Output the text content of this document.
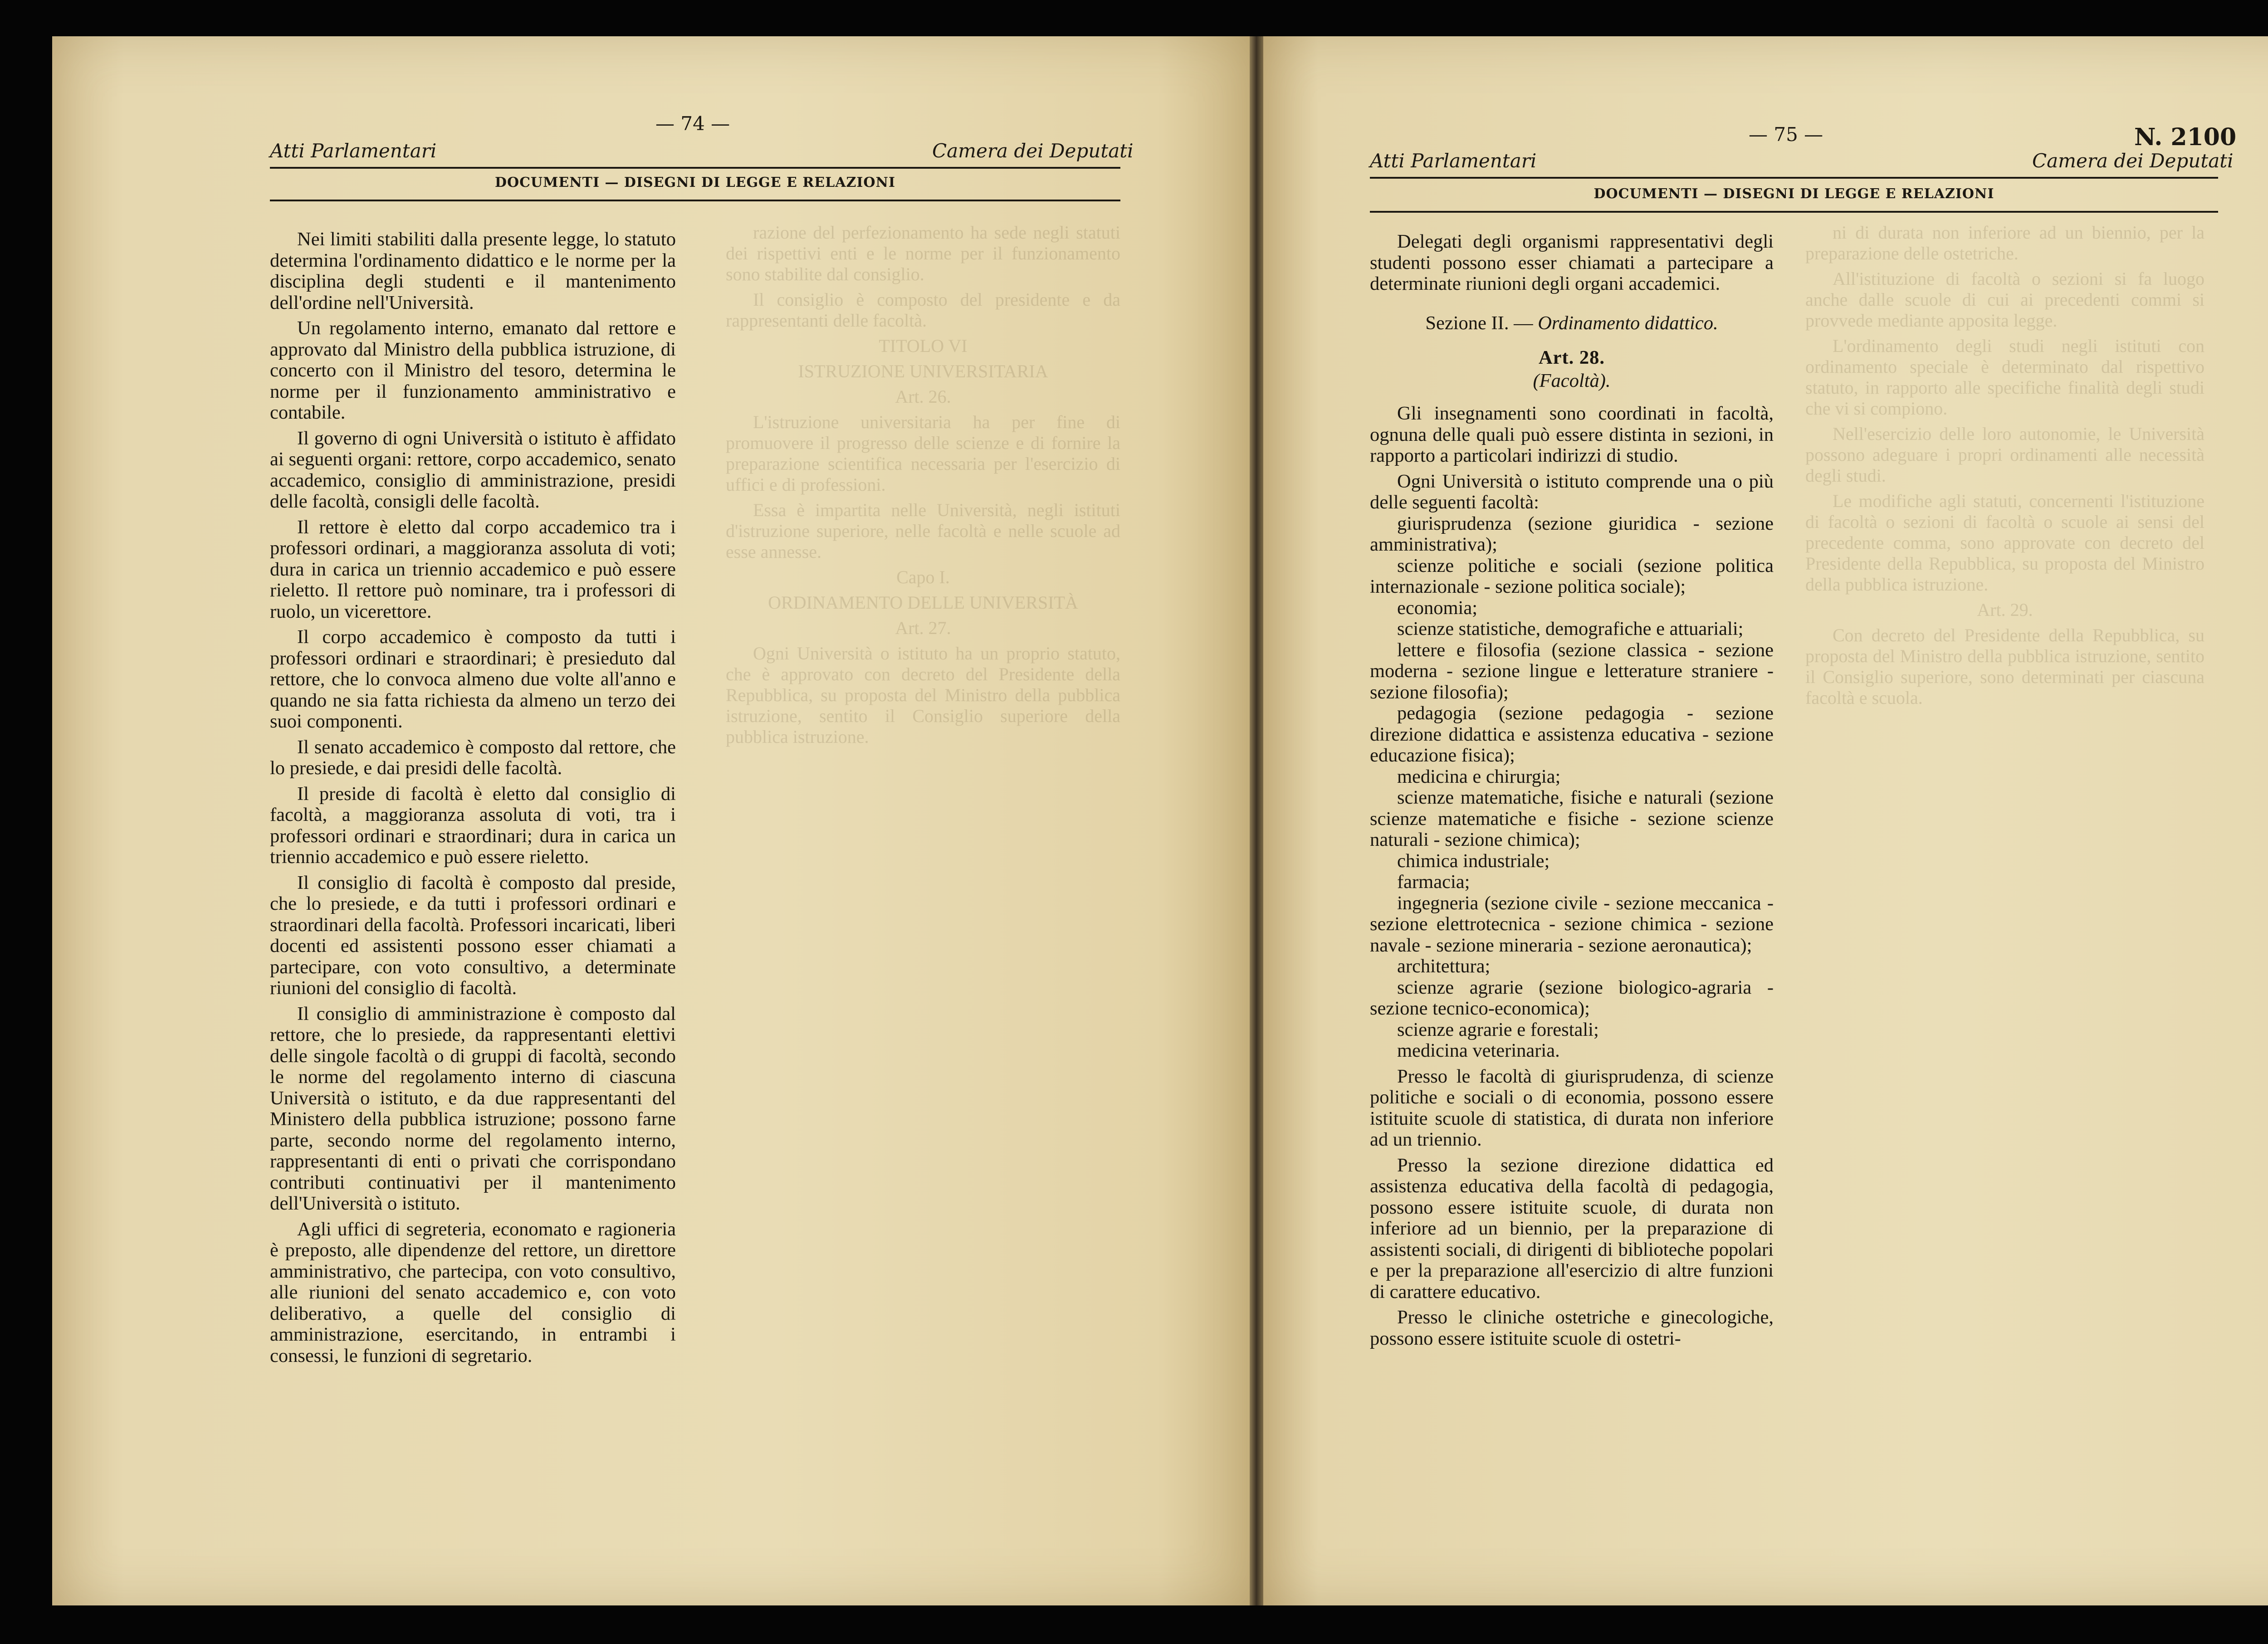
razione del perfezionamento ha sede negli statuti dei rispettivi enti e le norme per il funzionamento sono stabilite dal consiglio.

Il consiglio è composto del presidente e da rappresentanti delle facoltà.

TITOLO VI

ISTRUZIONE UNIVERSITARIA

Art. 26.

L'istruzione universitaria ha per fine di promuovere il progresso delle scienze e di fornire la preparazione scientifica necessaria per l'esercizio di uffici e di professioni.

Essa è impartita nelle Università, negli istituti d'istruzione superiore, nelle facoltà e nelle scuole ad esse annesse.

Capo I.

ORDINAMENTO DELLE UNIVERSITÀ

Art. 27.

Ogni Università o istituto ha un proprio statuto, che è approvato con decreto del Presidente della Repubblica, su proposta del Ministro della pubblica istruzione, sentito il Consiglio superiore della pubblica istruzione.

ni di durata non inferiore ad un biennio, per la preparazione delle ostetriche.

All'istituzione di facoltà o sezioni si fa luogo anche dalle scuole di cui ai precedenti commi si provvede mediante apposita legge.

L'ordinamento degli studi negli istituti con ordinamento speciale è determinato dal rispettivo statuto, in rapporto alle specifiche finalità degli studi che vi si compiono.

Nell'esercizio delle loro autonomie, le Università possono adeguare i propri ordinamenti alle necessità degli studi.

Le modifiche agli statuti, concernenti l'istituzione di facoltà o sezioni di facoltà o scuole ai sensi del precedente comma, sono approvate con decreto del Presidente della Repubblica, su proposta del Ministro della pubblica istruzione.

Art. 29.

Con decreto del Presidente della Repubblica, su proposta del Ministro della pubblica istruzione, sentito il Consiglio superiore, sono determinati per ciascuna facoltà e scuola.

— 74 —
Atti Parlamentari	Camera dei Deputati
DOCUMENTI — DISEGNI DI LEGGE E RELAZIONI

Nei limiti stabiliti dalla presente legge, lo statuto determina l'ordinamento didattico e le norme per la disciplina degli studenti e il mantenimento dell'ordine nell'Università.

Un regolamento interno, emanato dal rettore e approvato dal Ministro della pubblica istruzione, di concerto con il Ministro del tesoro, determina le norme per il funzionamento amministrativo e contabile.

Il governo di ogni Università o istituto è affidato ai seguenti organi: rettore, corpo accademico, senato accademico, consiglio di amministrazione, presidi delle facoltà, consigli delle facoltà.

Il rettore è eletto dal corpo accademico tra i professori ordinari, a maggioranza assoluta di voti; dura in carica un triennio accademico e può essere rieletto. Il rettore può nominare, tra i professori di ruolo, un vicerettore.

Il corpo accademico è composto da tutti i professori ordinari e straordinari; è presieduto dal rettore, che lo convoca almeno due volte all'anno e quando ne sia fatta richiesta da almeno un terzo dei suoi componenti.

Il senato accademico è composto dal rettore, che lo presiede, e dai presidi delle facoltà.

Il preside di facoltà è eletto dal consiglio di facoltà, a maggioranza assoluta di voti, tra i professori ordinari e straordinari; dura in carica un triennio accademico e può essere rieletto.

Il consiglio di facoltà è composto dal preside, che lo presiede, e da tutti i professori ordinari e straordinari della facoltà. Professori incaricati, liberi docenti ed assistenti possono esser chiamati a partecipare, con voto consultivo, a determinate riunioni del consiglio di facoltà.

Il consiglio di amministrazione è composto dal rettore, che lo presiede, da rappresentanti elettivi delle singole facoltà o di gruppi di facoltà, secondo le norme del regolamento interno di ciascuna Università o istituto, e da due rappresentanti del Ministero della pubblica istruzione; possono farne parte, secondo norme del regolamento interno, rappresentanti di enti o privati che corrispondano contributi continuativi per il mantenimento dell'Università o istituto.

Agli uffici di segreteria, economato e ragioneria è preposto, alle dipendenze del rettore, un direttore amministrativo, che partecipa, con voto consultivo, alle riunioni del senato accademico e, con voto deliberativo, a quelle del consiglio di amministrazione, esercitando, in entrambi i consessi, le funzioni di segretario.

— 75 —	N. 2100
Atti Parlamentari	Camera dei Deputati
DOCUMENTI — DISEGNI DI LEGGE E RELAZIONI

Delegati degli organismi rappresentativi degli studenti possono esser chiamati a partecipare a determinate riunioni degli organi accademici.

Sezione II. — Ordinamento didattico.

Art. 28.

(Facoltà).

Gli insegnamenti sono coordinati in facoltà, ognuna delle quali può essere distinta in sezioni, in rapporto a particolari indirizzi di studio.

Ogni Università o istituto comprende una o più delle seguenti facoltà:

giurisprudenza (sezione giuridica - sezione amministrativa);
scienze politiche e sociali (sezione politica internazionale - sezione politica sociale);
economia;
scienze statistiche, demografiche e attuariali;
lettere e filosofia (sezione classica - sezione moderna - sezione lingue e letterature straniere - sezione filosofia);
pedagogia (sezione pedagogia - sezione direzione didattica e assistenza educativa - sezione educazione fisica);
medicina e chirurgia;
scienze matematiche, fisiche e naturali (sezione scienze matematiche e fisiche - sezione scienze naturali - sezione chimica);
chimica industriale;
farmacia;
ingegneria (sezione civile - sezione meccanica - sezione elettrotecnica - sezione chimica - sezione navale - sezione mineraria - sezione aeronautica);
architettura;
scienze agrarie (sezione biologico-agraria - sezione tecnico-economica);
scienze agrarie e forestali;
medicina veterinaria.

Presso le facoltà di giurisprudenza, di scienze politiche e sociali o di economia, possono essere istituite scuole di statistica, di durata non inferiore ad un triennio.

Presso la sezione direzione didattica ed assistenza educativa della facoltà di pedagogia, possono essere istituite scuole, di durata non inferiore ad un biennio, per la preparazione di assistenti sociali, di dirigenti di biblioteche popolari e per la preparazione all'esercizio di altre funzioni di carattere educativo.

Presso le cliniche ostetriche e ginecologiche, possono essere istituite scuole di ostetri-
